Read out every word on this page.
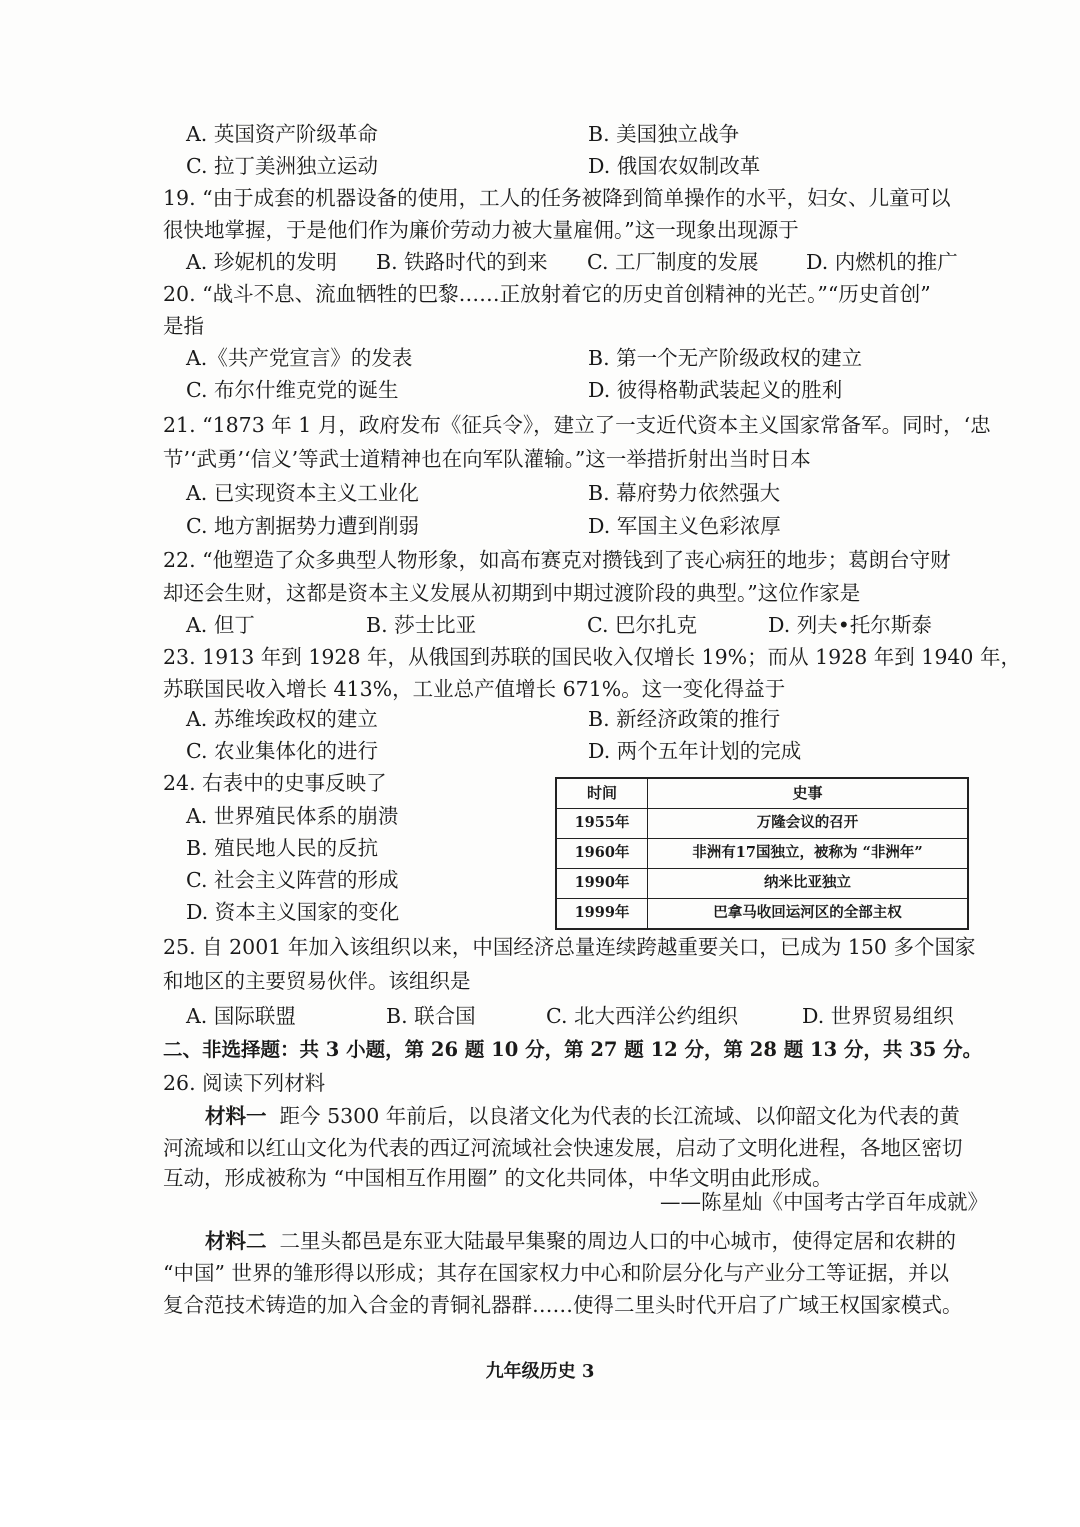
A. 英国资产阶级革命	B. 美国独立战争
C. 拉丁美洲独立运动	D. 俄国农奴制改革
19. “由于成套的机器设备的使用，工人的任务被降到简单操作的水平，妇女、儿童可以
很快地掌握，于是他们作为廉价劳动力被大量雇佣。”这一现象出现源于
A. 珍妮机的发明 B. 铁路时代的到来 C. 工厂制度的发展 D. 内燃机的推广
20. “战斗不息、流血牺牲的巴黎……正放射着它的历史首创精神的光芒。”“历史首创”
是指
A.《共产党宣言》的发表	B. 第一个无产阶级政权的建立
C. 布尔什维克党的诞生	D. 彼得格勒武装起义的胜利
21. “1873 年 1 月，政府发布《征兵令》，建立了一支近代资本主义国家常备军。同时，‘忠
节’‘武勇’‘信义’等武士道精神也在向军队灌输。”这一举措折射出当时日本
A. 已实现资本主义工业化	B. 幕府势力依然强大
C. 地方割据势力遭到削弱	D. 军国主义色彩浓厚
22. “他塑造了众多典型人物形象，如高布赛克对攒钱到了丧心病狂的地步；葛朗台守财
却还会生财，这都是资本主义发展从初期到中期过渡阶段的典型。”这位作家是
A. 但丁	B. 莎士比亚	C. 巴尔扎克	D. 列夫•托尔斯泰
23. 1913 年到 1928 年，从俄国到苏联的国民收入仅增长 19%；而从 1928 年到 1940 年，
苏联国民收入增长 413%，工业总产值增长 671%。这一变化得益于
A. 苏维埃政权的建立	B. 新经济政策的推行
C. 农业集体化的进行	D. 两个五年计划的完成
24. 右表中的史事反映了
A. 世界殖民体系的崩溃
B. 殖民地人民的反抗
C. 社会主义阵营的形成
D. 资本主义国家的变化
时间	史事
1955年	万隆会议的召开
1960年	非洲有17国独立，被称为 “非洲年”
1990年	纳米比亚独立
1999年	巴拿马收回运河区的全部主权
25. 自 2001 年加入该组织以来，中国经济总量连续跨越重要关口，已成为 150 多个国家
和地区的主要贸易伙伴。该组织是
A. 国际联盟	B. 联合国	C. 北大西洋公约组织	D. 世界贸易组织
二、非选择题：共 3 小题，第 26 题 10 分，第 27 题 12 分，第 28 题 13 分，共 35 分。
26. 阅读下列材料
材料一 距今 5300 年前后，以良渚文化为代表的长江流域、以仰韶文化为代表的黄
河流域和以红山文化为代表的西辽河流域社会快速发展，启动了文明化进程，各地区密切
互动，形成被称为 “中国相互作用圈” 的文化共同体，中华文明由此形成。
——陈星灿《中国考古学百年成就》
材料二 二里头都邑是东亚大陆最早集聚的周边人口的中心城市，使得定居和农耕的
“中国” 世界的雏形得以形成；其存在国家权力中心和阶层分化与产业分工等证据，并以
复合范技术铸造的加入合金的青铜礼器群……使得二里头时代开启了广域王权国家模式。
九年级历史 3
